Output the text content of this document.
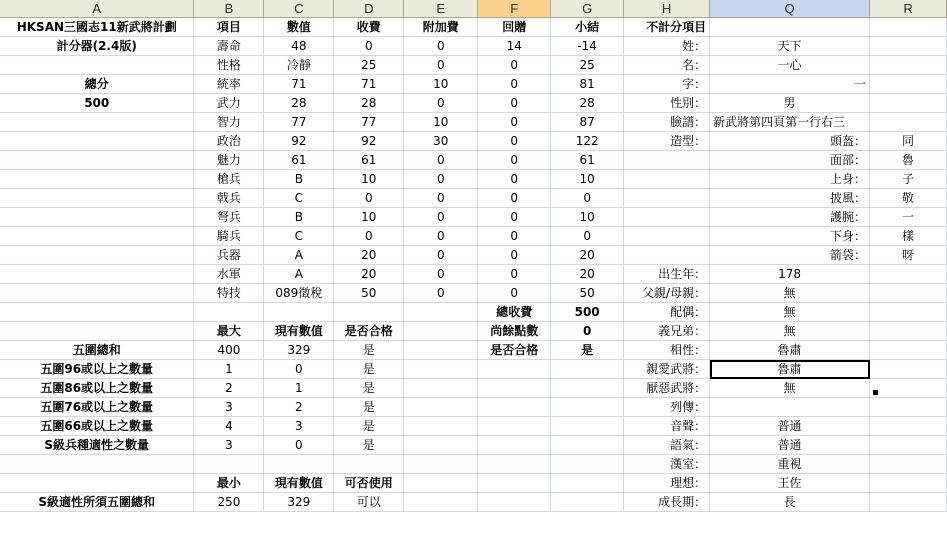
A	B	C	D	E	F	G	H	Q	R
HKSAN三國志11新武將計劃	項目	數值	收費	附加費	回贈	小結	不計分項目		
計分器(2.4版)	壽命	48	0	0	14	-14	姓：	天下	
	性格	冷靜	25	0	0	25	名：	一心	
總分	統率	71	71	10	0	81	字：	一	
500	武力	28	28	0	0	28	性別：	男	
	智力	77	77	10	0	87	臉譜：	新武將第四頁第一行右三	
	政治	92	92	30	0	122	造型：	頭盔：	同
	魅力	61	61	0	0	61		面部：	魯
	槍兵	B	10	0	0	10		上身：	子
	戟兵	C	0	0	0	0		披風：	敬
	弩兵	B	10	0	0	10		護腕：	一
	騎兵	C	0	0	0	0		下身：	樣
	兵器	A	20	0	0	20		箭袋：	呀
	水軍	A	20	0	0	20	出生年：	178	
	特技	089徵稅	50	0	0	50	父親/母親：	無	
					總收費	500	配偶：	無	
	最大	現有數值	是否合格		尚餘點數	0	義兄弟：	無	
五圍總和	400	329	是		是否合格	是	相性：	魯肅	
五圍96或以上之數量	1	0	是				親愛武將：	魯肅	
五圍86或以上之數量	2	1	是				厭惡武將：	無	
五圍76或以上之數量	3	2	是				列傳：		
五圍66或以上之數量	4	3	是				音聲：	普通	
S級兵種適性之數量	3	0	是				語氣：	普通	
							漢室：	重視	
	最小	現有數值	可否使用				理想：	王佐	
S級適性所須五圍總和	250	329	可以				成長期：	長	
